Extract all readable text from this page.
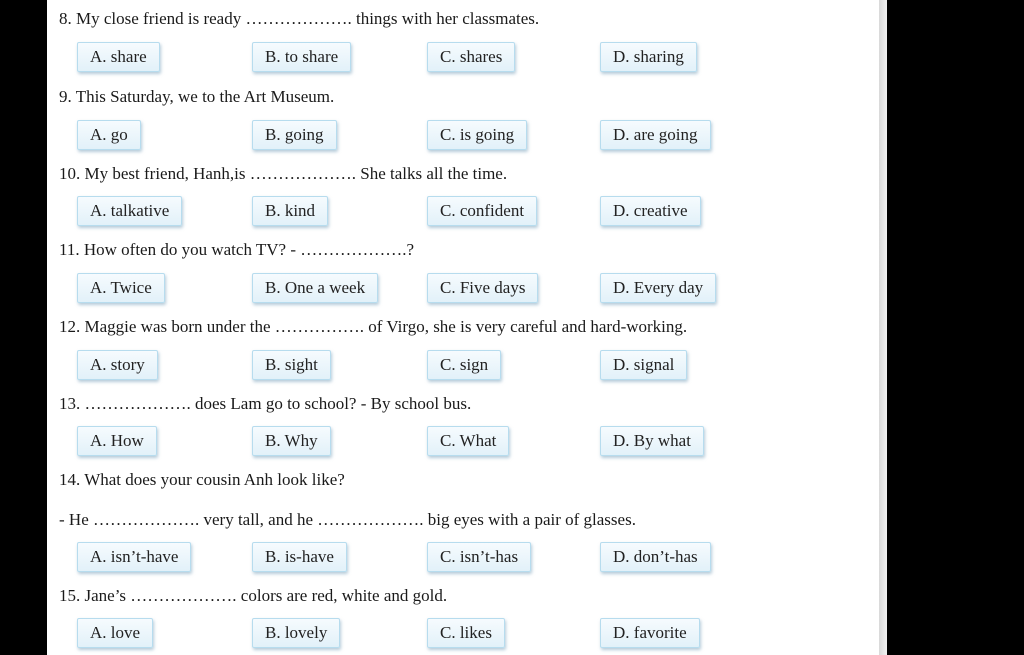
8. My close friend is ready ………………. things with her classmates.
A. share	B. to share	C. shares	D. sharing
9. This Saturday, we to the Art Museum.
A. go	B. going	C. is going	D. are going
10. My best friend, Hanh,is ………………. She talks all the time.
A. talkative	B. kind	C. confident	D. creative
11. How often do you watch TV? - ……………….?
A. Twice	B. One a week	C. Five days	D. Every day
12. Maggie was born under the ……………. of Virgo, she is very careful and hard-working.
A. story	B. sight	C. sign	D. signal
13. ………………. does Lam go to school? - By school bus.
A. How	B. Why	C. What	D. By what
14. What does your cousin Anh look like?
- He ………………. very tall, and he ………………. big eyes with a pair of glasses.
A. isn’t-have	B. is-have	C. isn’t-has	D. don’t-has
15. Jane’s ………………. colors are red, white and gold.
A. love	B. lovely	C. likes	D. favorite
